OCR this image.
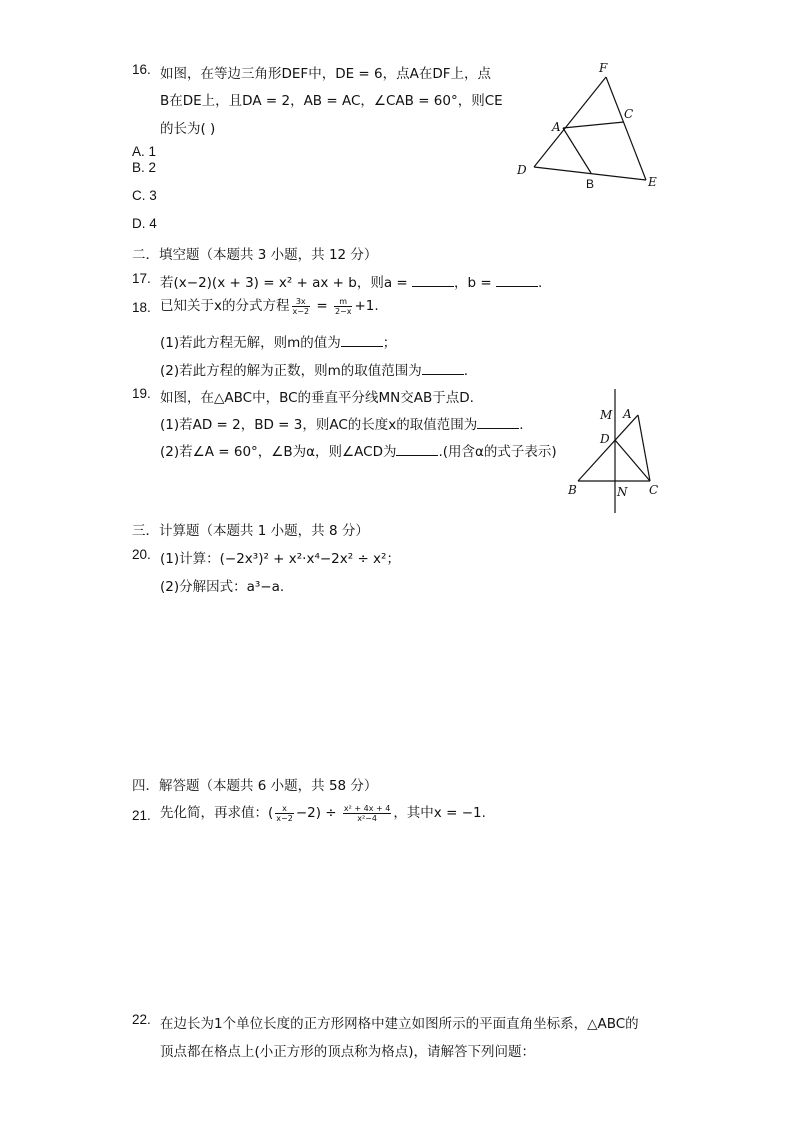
16. 如图，在等边三角形DEF中，DE = 6，点A在DF上，点
B在DE上，且DA = 2，AB = AC，∠CAB = 60°，则CE
的长为( )
A. 1
B. 2
C. 3
D. 4
F
C
A
D
B	E
二．填空题（本题共 3 小题，共 12 分）
17. 若(x−2)(x + 3) = x² + ax + b，则a =	，b =	.
18. 已知关于x的分式方程 $\frac{3x}{x-2} = \frac{m}{2-x} +1$.
(1)若此方程无解，则m的值为	；
(2)若此方程的解为正数，则m的取值范围为	.
19. 如图，在△ABC中，BC的垂直平分线MN交AB于点D.
(1)若AD = 2，BD = 3，则AC的长度x的取值范围为	.
(2)若∠A = 60°，∠B为α，则∠ACD为	.(用含α的式子表示)
M A
D
B	N C
三．计算题（本题共 1 小题，共 8 分）
20. (1)计算：(−2x³)² + x²·x⁴−2x² ÷ x²；
(2)分解因式：a³−a.
四．解答题（本题共 6 小题，共 58 分）
21. 先化简，再求值：( $\frac{x}{x-2} -2) \div \frac{\text{x² + 4x + 4}}{\text{x²−4}}$ ，其中x = −1.
22. 在边长为1个单位长度的正方形网格中建立如图所示的平面直角坐标系，△ABC的
顶点都在格点上(小正方形的顶点称为格点)，请解答下列问题：
